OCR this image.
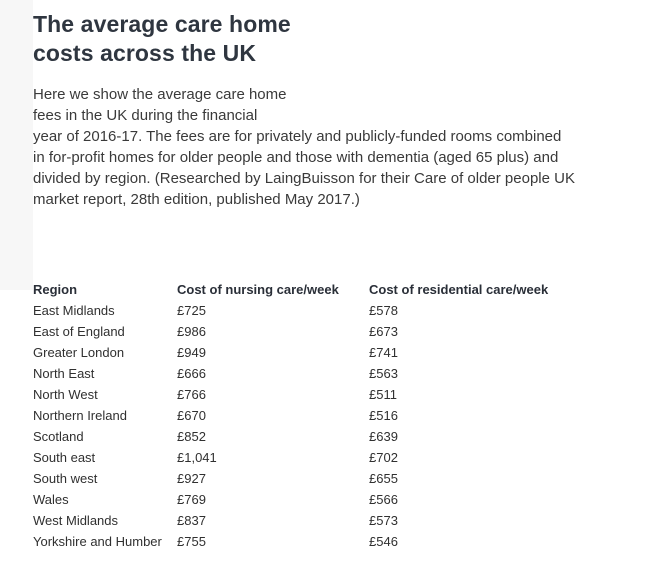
The average care home
costs across the UK

Here we show the average care home
fees in the UK during the financial
year of 2016-17. The fees are for privately and publicly-funded rooms combined
in for-profit homes for older people and those with dementia (aged 65 plus) and
divided by region. (Researched by LaingBuisson for their Care of older people UK
market report, 28th edition, published May 2017.)

Region	Cost of nursing care/week	Cost of residential care/week
East Midlands	£725	£578
East of England	£986	£673
Greater London	£949	£741
North East	£666	£563
North West	£766	£511
Northern Ireland	£670	£516
Scotland	£852	£639
South east	£1,041	£702
South west	£927	£655
Wales	£769	£566
West Midlands	£837	£573
Yorkshire and Humber	£755	£546
